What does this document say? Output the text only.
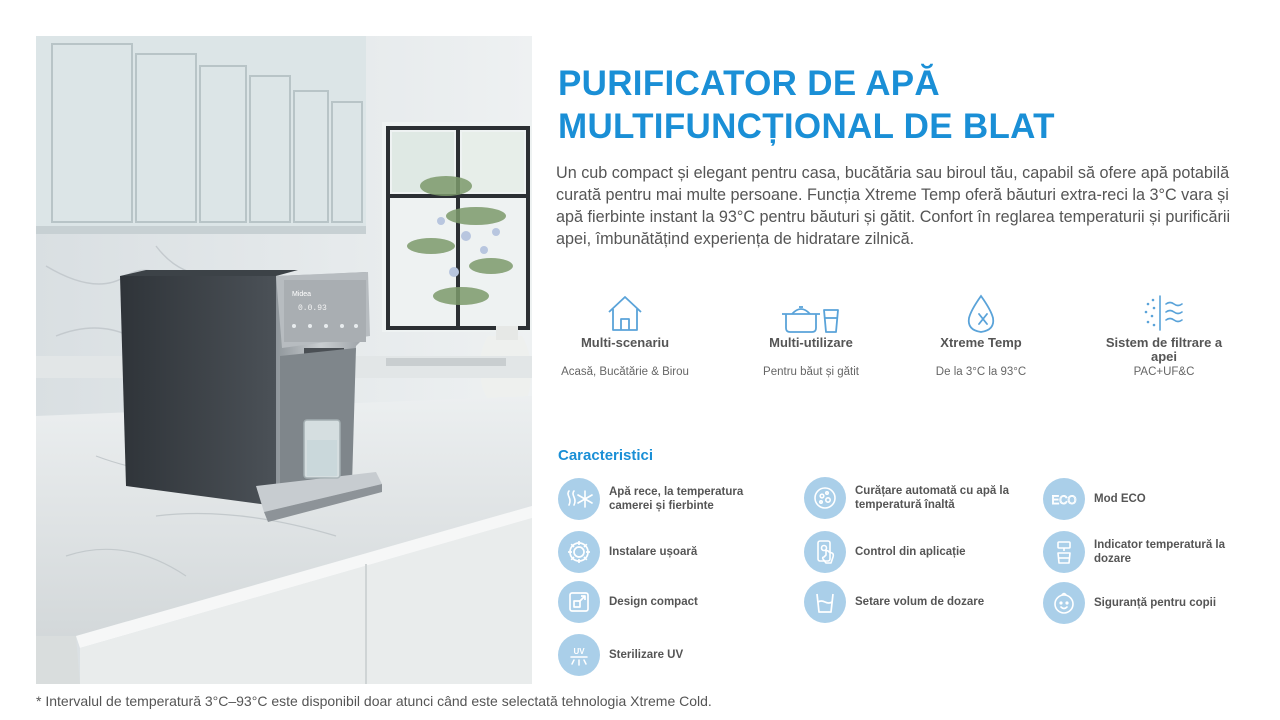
Midea
0.0.93
PURIFICATOR DE APĂ
MULTIFUNCȚIONAL DE BLAT

Un cub compact și elegant pentru casa, bucătăria sau biroul tău, capabil să ofere apă potabilă curată pentru mai multe persoane. Funcția Xtreme Temp oferă băuturi extra-reci la 3°C vara și apă fierbinte instant la 93°C pentru băuturi și gătit. Confort în reglarea temperaturii și purificării apei, îmbunătățind experiența de hidratare zilnică.

Multi-scenariu
Acasă, Bucătărie & Birou
Multi-utilizare
Pentru băut și gătit
Xtreme Temp
De la 3°C la 93°C
Sistem de filtrare a apei
PAC+UF&C
Caracteristici
Apă rece, la temperatura camerei și fierbinte
Instalare ușoară
Design compact
UV Sterilizare UV
Curățare automată cu apă la temperatură înaltă
Control din aplicație
Setare volum de dozare
ECO Mod ECO
Indicator temperatură la dozare
Siguranță pentru copii

* Intervalul de temperatură 3°C–93°C este disponibil doar atunci când este selectată tehnologia Xtreme Cold.
